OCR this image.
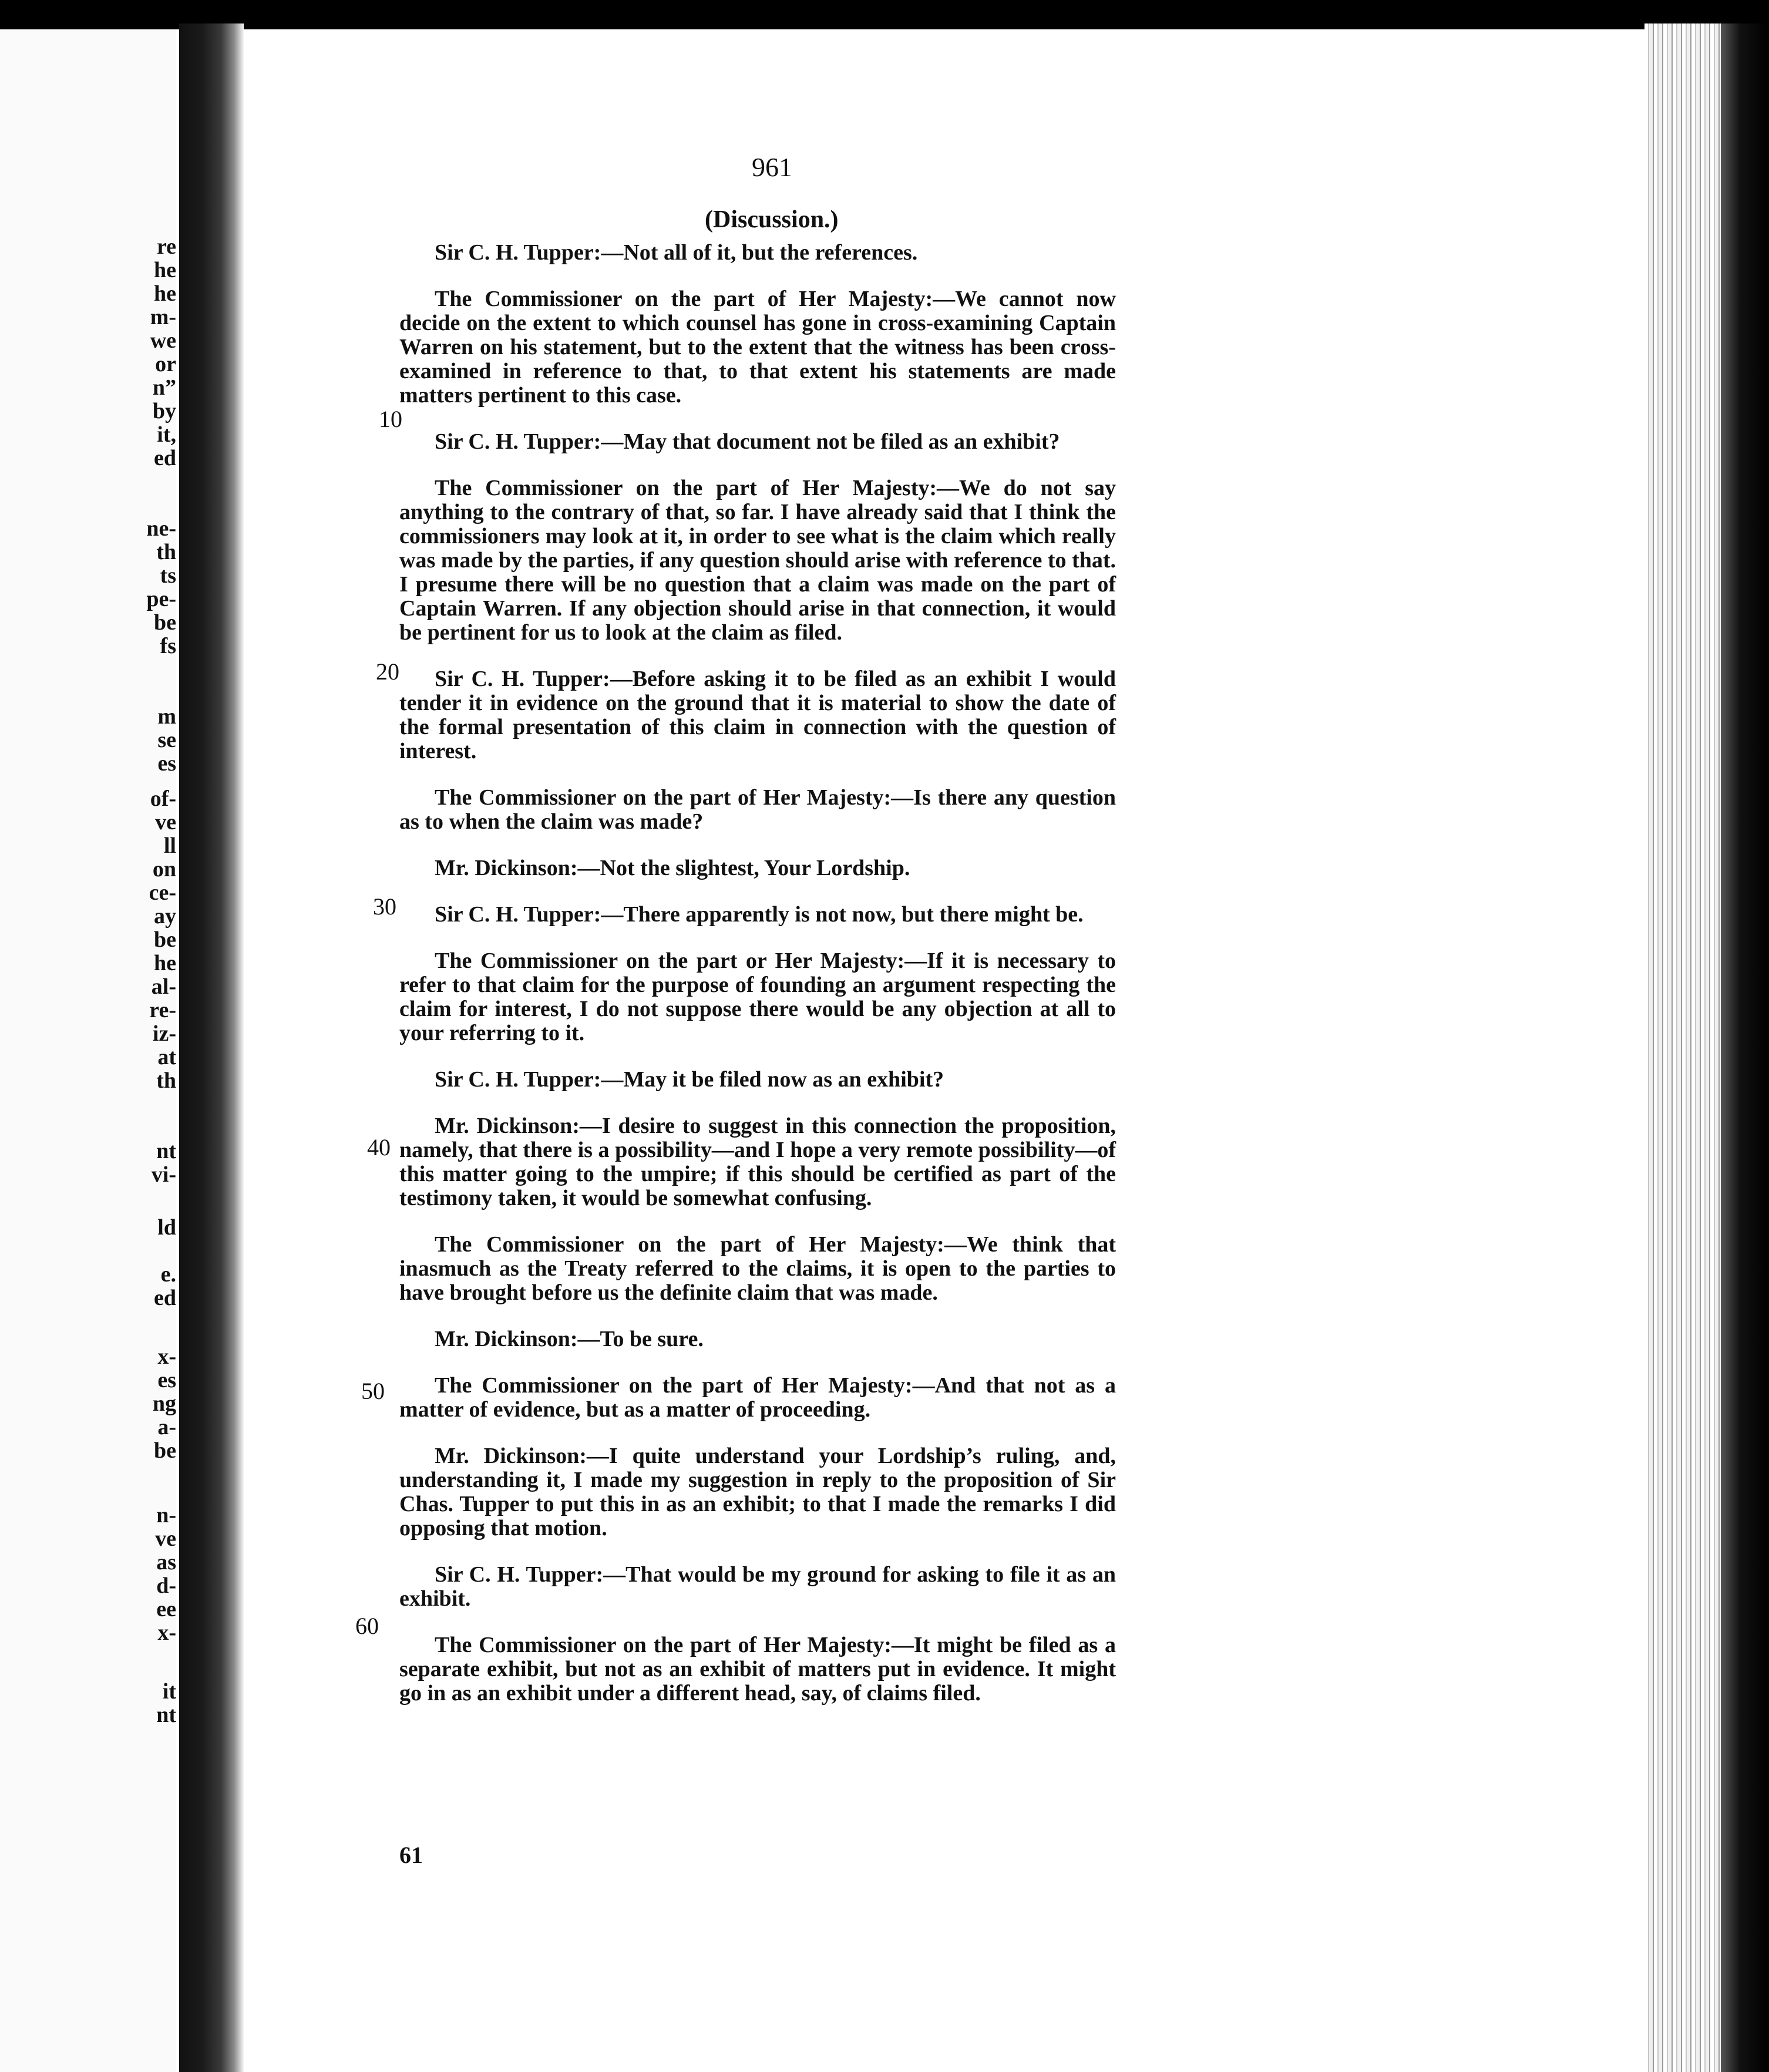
re
he
he
m-
we
or
n”
by
it,
ed
ne-
th
ts
pe-
be
fs
m
se
es
of-
ve
ll
on
ce-
ay
be
he
al-
re-
iz-
at
th
nt
vi-
ld
e.
ed
x-
es
ng
a-
be
n-
ve
as
d-
ee
x-
it
nt
961
(Discussion.)
10
20
30
40
50
60

Sir C. H. Tupper:—Not all of it, but the references.

The Commissioner on the part of Her Majesty:—We cannot now decide on the extent to which counsel has gone in cross-examining Captain Warren on his statement, but to the extent that the witness has been cross-examined in reference to that, to that extent his statements are made matters pertinent to this case.

Sir C. H. Tupper:—May that document not be filed as an exhibit?

The Commissioner on the part of Her Majesty:—We do not say anything to the contrary of that, so far. I have already said that I think the commissioners may look at it, in order to see what is the claim which really was made by the parties, if any question should arise with reference to that. I presume there will be no question that a claim was made on the part of Captain Warren. If any objection should arise in that connection, it would be pertinent for us to look at the claim as filed.

Sir C. H. Tupper:—Before asking it to be filed as an exhibit I would tender it in evidence on the ground that it is material to show the date of the formal presentation of this claim in connection with the question of interest.

The Commissioner on the part of Her Majesty:—Is there any question as to when the claim was made?

Mr. Dickinson:—Not the slightest, Your Lordship.

Sir C. H. Tupper:—There apparently is not now, but there might be.

The Commissioner on the part or Her Majesty:—If it is necessary to refer to that claim for the purpose of founding an argument respecting the claim for interest, I do not suppose there would be any objection at all to your referring to it.

Sir C. H. Tupper:—May it be filed now as an exhibit?

Mr. Dickinson:—I desire to suggest in this connection the proposition, namely, that there is a possibility—and I hope a very remote possibility—of this matter going to the umpire; if this should be certified as part of the testimony taken, it would be somewhat confusing.

The Commissioner on the part of Her Majesty:—We think that inasmuch as the Treaty referred to the claims, it is open to the parties to have brought before us the definite claim that was made.

Mr. Dickinson:—To be sure.

The Commissioner on the part of Her Majesty:—And that not as a matter of evidence, but as a matter of proceeding.

Mr. Dickinson:—I quite understand your Lordship’s ruling, and, understanding it, I made my suggestion in reply to the proposition of Sir Chas. Tupper to put this in as an exhibit; to that I made the remarks I did opposing that motion.

Sir C. H. Tupper:—That would be my ground for asking to file it as an exhibit.

The Commissioner on the part of Her Majesty:—It might be filed as a separate exhibit, but not as an exhibit of matters put in evidence. It might go in as an exhibit under a different head, say, of claims filed.

61
